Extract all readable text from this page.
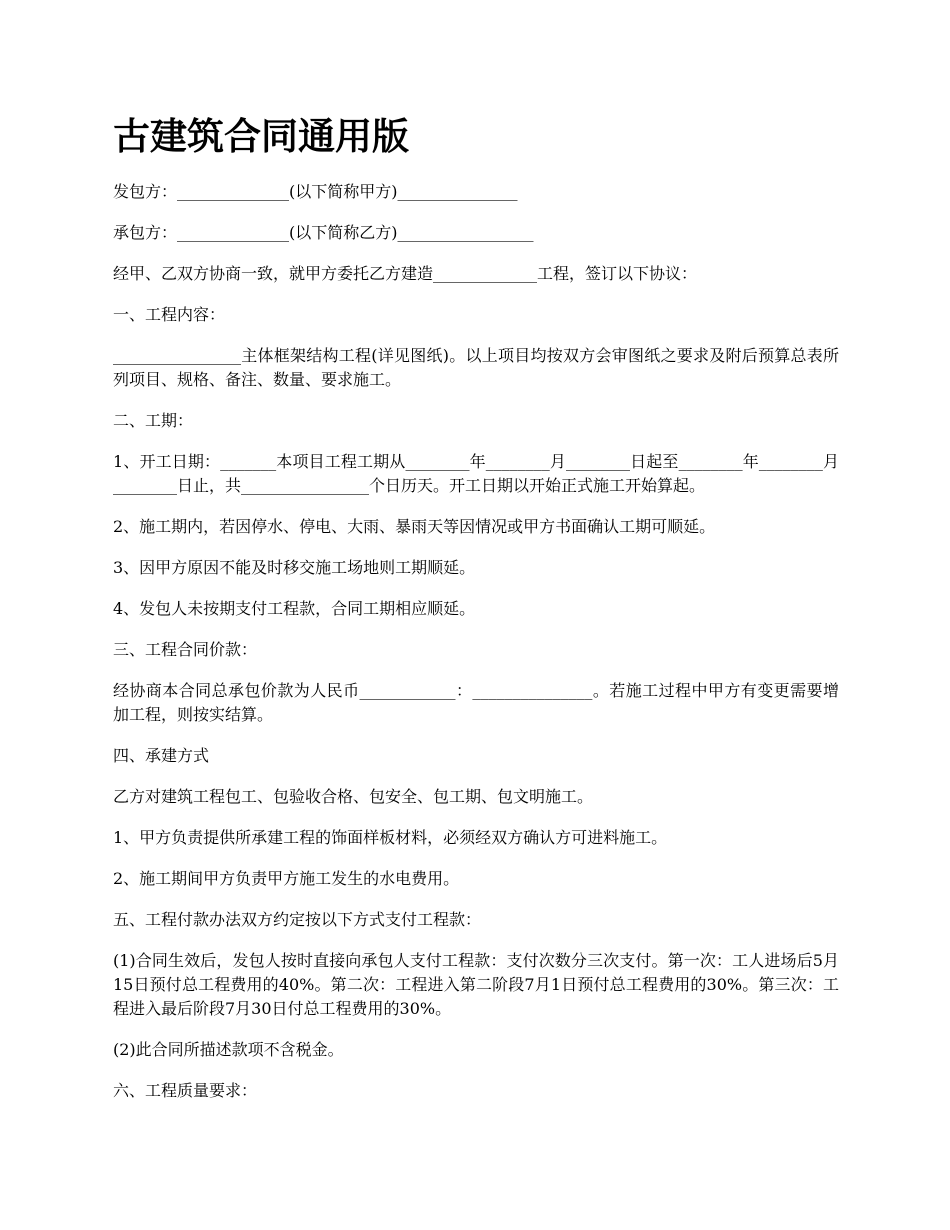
古建筑合同通用版

发包方：______________(以下简称甲方)_______________

承包方：______________(以下简称乙方)_________________

经甲、乙双方协商一致，就甲方委托乙方建造_____________工程，签订以下协议：

一、工程内容：

________________主体框架结构工程(详见图纸)。以上项目均按双方会审图纸之要求及附后预算总表所列项目、规格、备注、数量、要求施工。

二、工期：

1、开工日期：_______本项目工程工期从________年________月________日起至________年________月________日止，共________________个日历天。开工日期以开始正式施工开始算起。

2、施工期内，若因停水、停电、大雨、暴雨天等因情况或甲方书面确认工期可顺延。

3、因甲方原因不能及时移交施工场地则工期顺延。

4、发包人未按期支付工程款，合同工期相应顺延。

三、工程合同价款：

经协商本合同总承包价款为人民币____________：_______________。若施工过程中甲方有变更需要增加工程，则按实结算。

四、承建方式

乙方对建筑工程包工、包验收合格、包安全、包工期、包文明施工。

1、甲方负责提供所承建工程的饰面样板材料，必须经双方确认方可进料施工。

2、施工期间甲方负责甲方施工发生的水电费用。

五、工程付款办法双方约定按以下方式支付工程款：

(1)合同生效后，发包人按时直接向承包人支付工程款：支付次数分三次支付。第一次：工人进场后5月15日预付总工程费用的40%。第二次：工程进入第二阶段7月1日预付总工程费用的30%。第三次：工程进入最后阶段7月30日付总工程费用的30%。

(2)此合同所描述款项不含税金。

六、工程质量要求：
